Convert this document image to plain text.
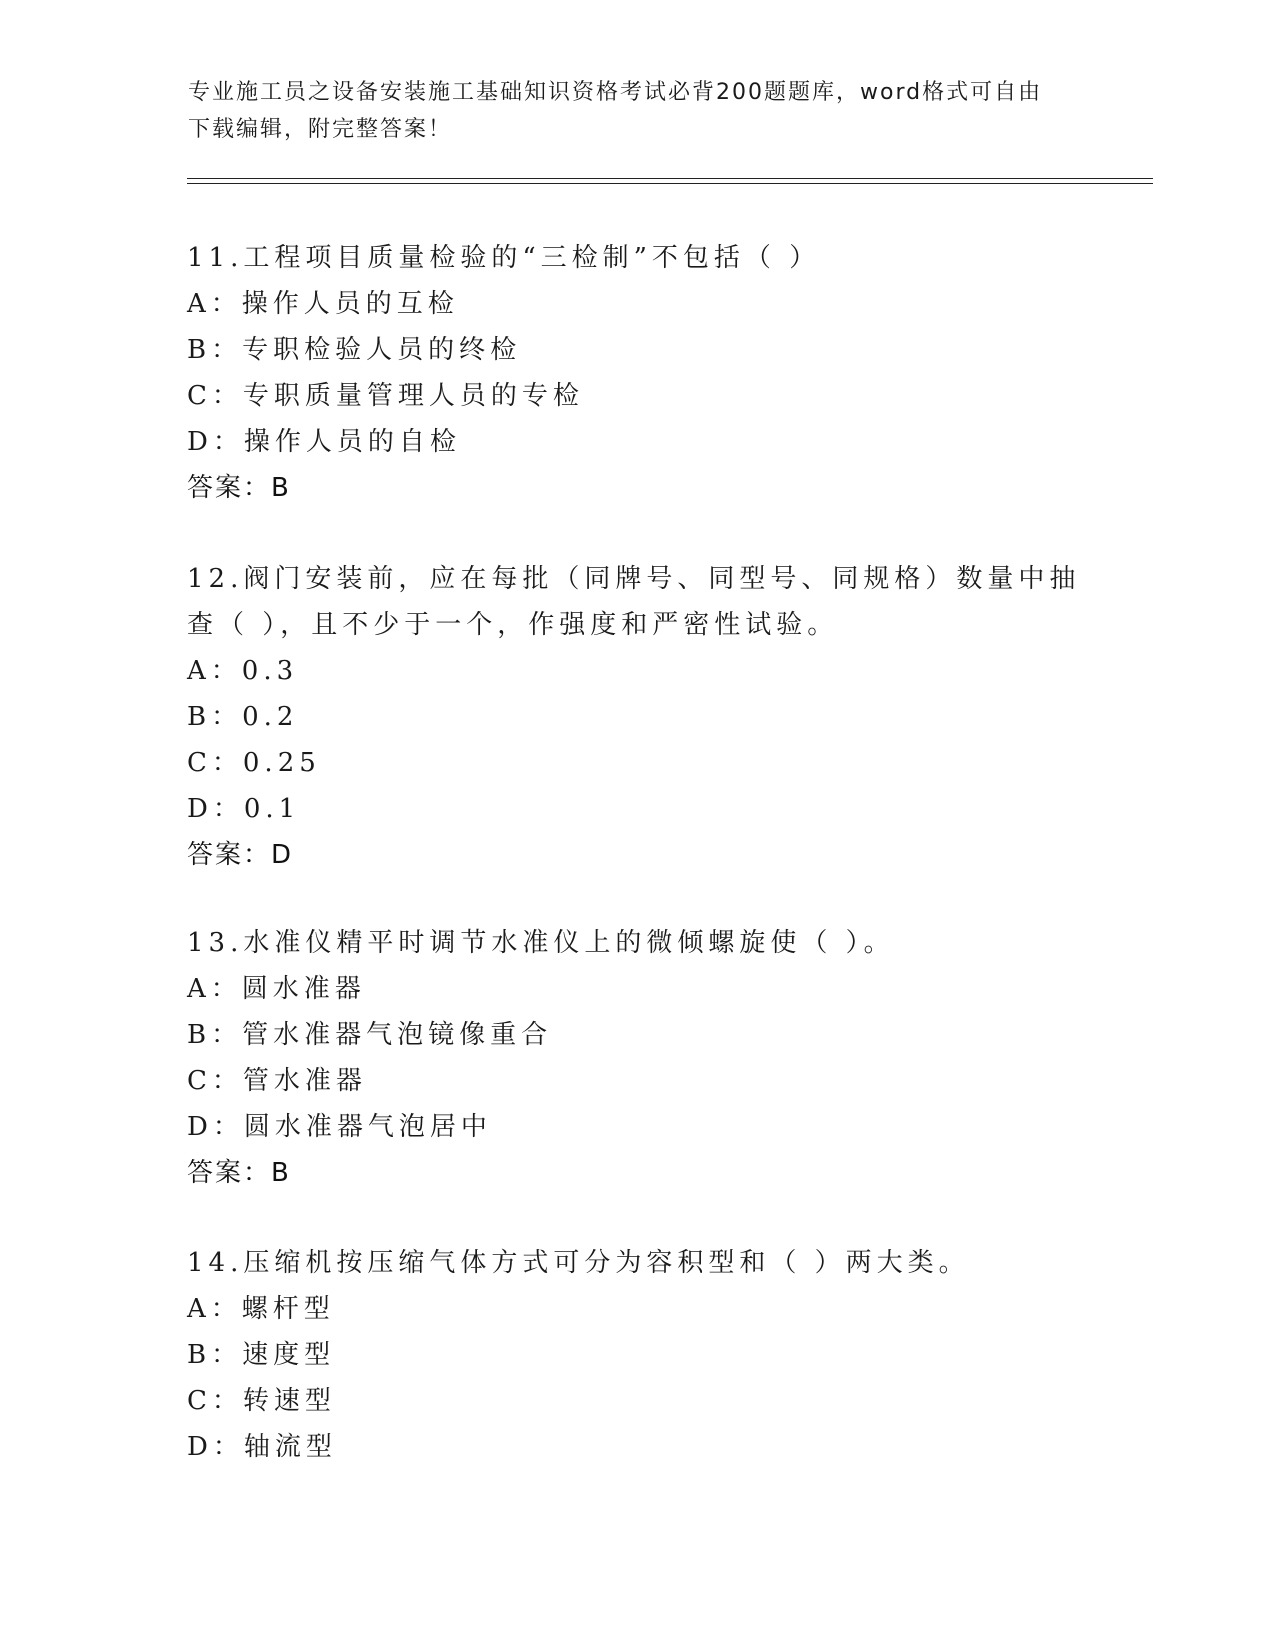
专业施工员之设备安装施工基础知识资格考试必背200题题库，word格式可自由
下载编辑，附完整答案！
11.工程项目质量检验的“三检制”不包括（ ）
A：操作人员的互检
B：专职检验人员的终检
C：专职质量管理人员的专检
D：操作人员的自检
答案：B
12.阀门安装前，应在每批（同牌号、同型号、同规格）数量中抽查（ ），且不少于一个，作强度和严密性试验。
A：0.3
B：0.2
C：0.25
D：0.1
答案：D
13.水准仪精平时调节水准仪上的微倾螺旋使（ ）。
A：圆水准器
B：管水准器气泡镜像重合
C：管水准器
D：圆水准器气泡居中
答案：B
14.压缩机按压缩气体方式可分为容积型和（ ）两大类。
A：螺杆型
B：速度型
C：转速型
D：轴流型
